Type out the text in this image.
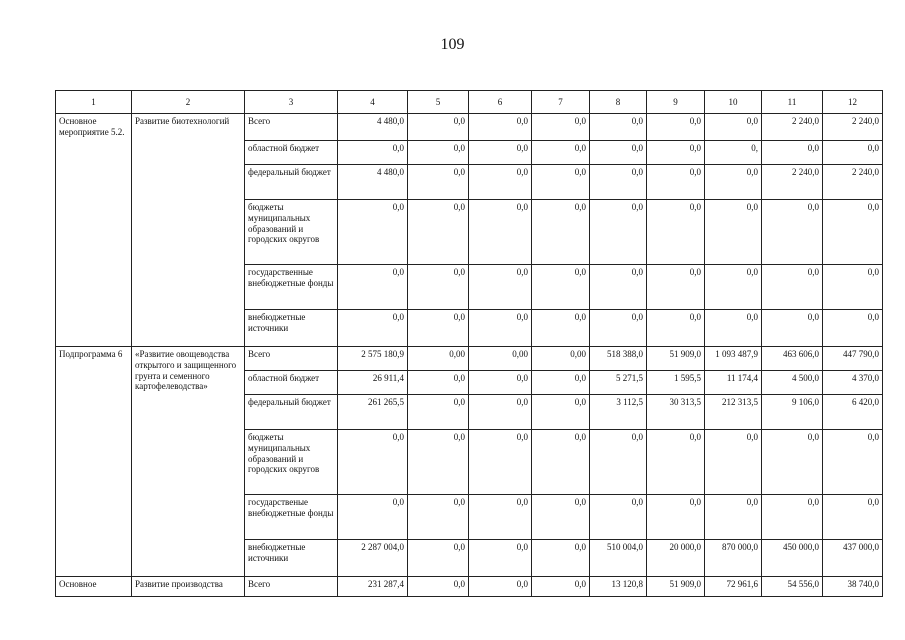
109
1	2	3	4	5	6	7	8	9	10	11	12
Основное мероприятие 5.2.	Развитие биотехнологий	Всего	4 480,0	0,0	0,0	0,0	0,0	0,0	0,0	2 240,0	2 240,0
		областной бюджет	0,0	0,0	0,0	0,0	0,0	0,0	0,	0,0	0,0
		федеральный бюджет	4 480,0	0,0	0,0	0,0	0,0	0,0	0,0	2 240,0	2 240,0
		бюджеты муниципальных образований и городских округов	0,0	0,0	0,0	0,0	0,0	0,0	0,0	0,0	0,0
		государственные внебюджетные фонды	0,0	0,0	0,0	0,0	0,0	0,0	0,0	0,0	0,0
		внебюджетные источники	0,0	0,0	0,0	0,0	0,0	0,0	0,0	0,0	0,0
Подпрограмма 6	«Развитие овощеводства открытого и защищенного грунта и семенного картофелеводства»	Всего	2 575 180,9	0,00	0,00	0,00	518 388,0	51 909,0	1 093 487,9	463 606,0	447 790,0
		областной бюджет	26 911,4	0,0	0,0	0,0	5 271,5	1 595,5	11 174,4	4 500,0	4 370,0
		федеральный бюджет	261 265,5	0,0	0,0	0,0	3 112,5	30 313,5	212 313,5	9 106,0	6 420,0
		бюджеты муниципальных образований и городских округов	0,0	0,0	0,0	0,0	0,0	0,0	0,0	0,0	0,0
		государственые внебюджетные фонды	0,0	0,0	0,0	0,0	0,0	0,0	0,0	0,0	0,0
		внебюджетные источники	2 287 004,0	0,0	0,0	0,0	510 004,0	20 000,0	870 000,0	450 000,0	437 000,0
Основное	Развитие производства	Всего	231 287,4	0,0	0,0	0,0	13 120,8	51 909,0	72 961,6	54 556,0	38 740,0
